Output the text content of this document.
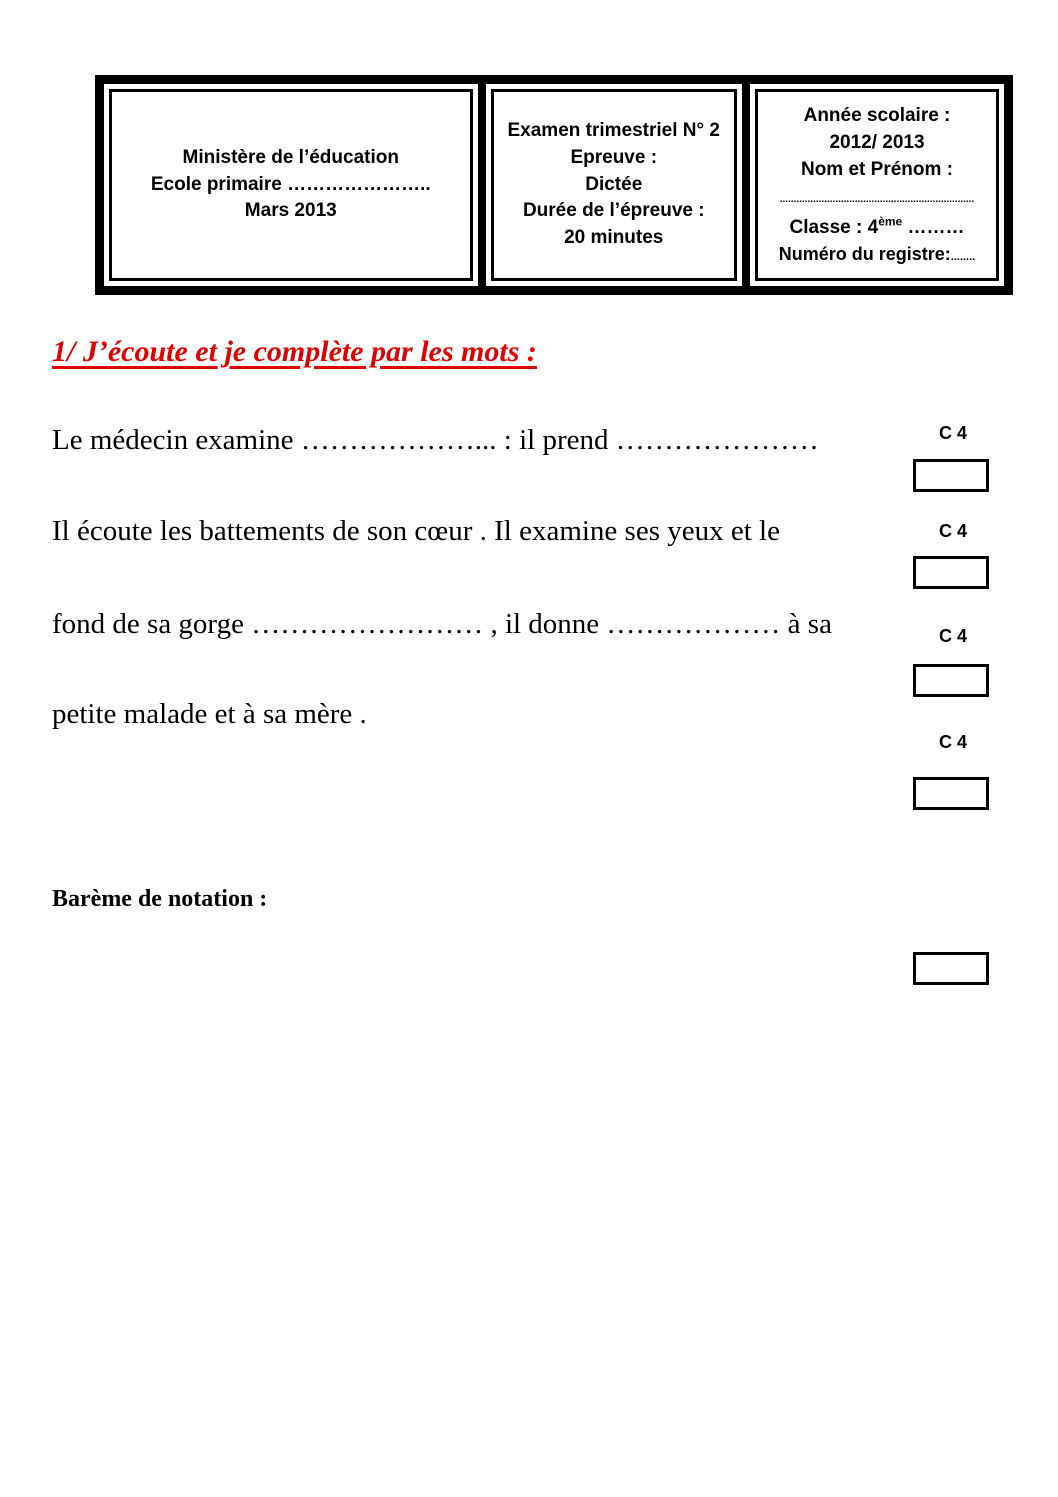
Ministère de l’éducation
Ecole primaire …………………..
Mars 2013
Examen trimestriel N° 2
Epreuve :
Dictée
Durée de l’épreuve :
20 minutes
Année scolaire :
2012/ 2013
Nom et Prénom :
......................................................................
Classe : 4ème ………
Numéro du registre:........
1/ J’écoute et je complète par les mots :
Le médecin examine ………………... : il prend …………………
Il écoute les battements de son cœur . Il examine ses yeux et le
fond de sa gorge …………………… , il donne ……………… à sa
petite malade et à sa mère .
C 4
C 4
C 4
C 4
Barème de notation :
